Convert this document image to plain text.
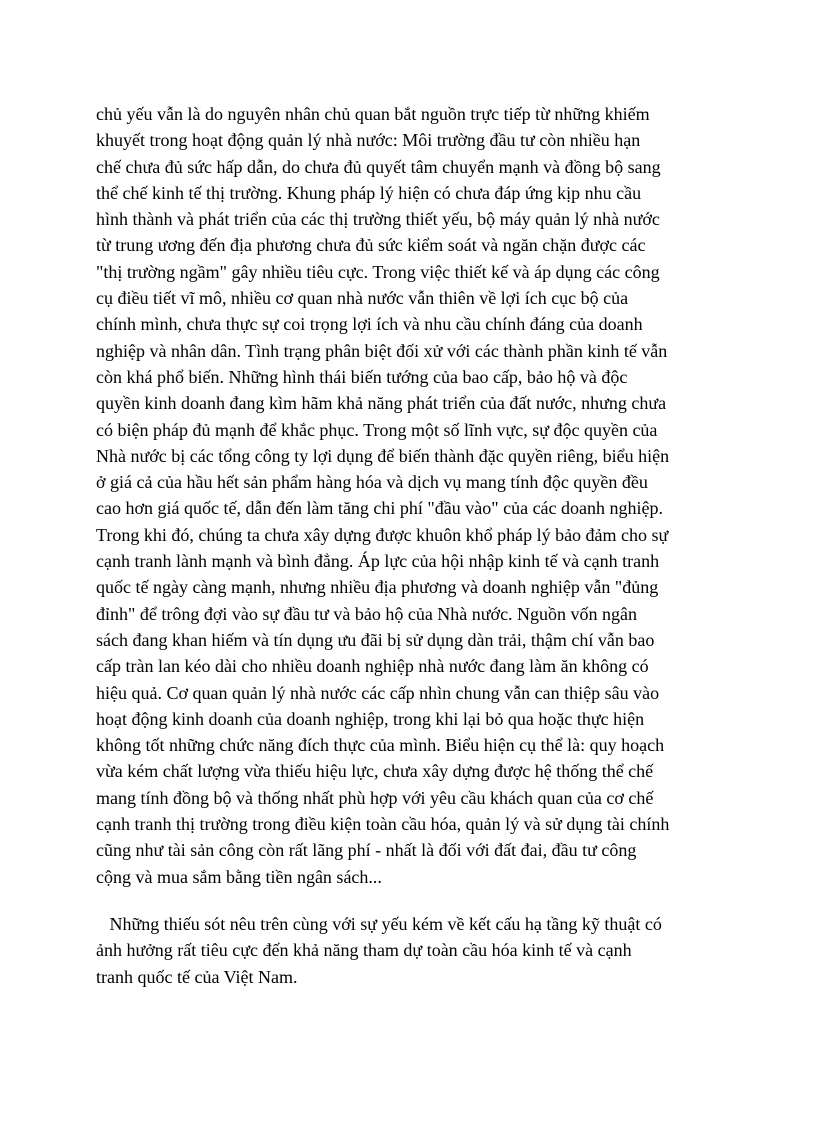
chủ yếu vẫn là do nguyên nhân chủ quan bắt nguồn trực tiếp từ những khiếm
khuyết trong hoạt động quản lý nhà nước: Môi trường đầu tư còn nhiều hạn
chế chưa đủ sức hấp dẫn, do chưa đủ quyết tâm chuyển mạnh và đồng bộ sang
thể chế kinh tế thị trường. Khung pháp lý hiện có chưa đáp ứng kịp nhu cầu
hình thành và phát triển của các thị trường thiết yếu, bộ máy quản lý nhà nước
từ trung ương đến địa phương chưa đủ sức kiểm soát và ngăn chặn được các
"thị trường ngầm" gây nhiều tiêu cực. Trong việc thiết kế và áp dụng các công
cụ điều tiết vĩ mô, nhiều cơ quan nhà nước vẫn thiên về lợi ích cục bộ của
chính mình, chưa thực sự coi trọng lợi ích và nhu cầu chính đáng của doanh
nghiệp và nhân dân. Tình trạng phân biệt đối xử với các thành phần kinh tế vẫn
còn khá phổ biến. Những hình thái biến tướng của bao cấp, bảo hộ và độc
quyền kinh doanh đang kìm hãm khả năng phát triển của đất nước, nhưng chưa
có biện pháp đủ mạnh để khắc phục. Trong một số lĩnh vực, sự độc quyền của
Nhà nước bị các tổng công ty lợi dụng để biến thành đặc quyền riêng, biểu hiện
ở giá cả của hầu hết sản phẩm hàng hóa và dịch vụ mang tính độc quyền đều
cao hơn giá quốc tế, dẫn đến làm tăng chi phí "đầu vào" của các doanh nghiệp.
Trong khi đó, chúng ta chưa xây dựng được khuôn khổ pháp lý bảo đảm cho sự
cạnh tranh lành mạnh và bình đẳng. Áp lực của hội nhập kinh tế và cạnh tranh
quốc tế ngày càng mạnh, nhưng nhiều địa phương và doanh nghiệp vẫn "đủng
đỉnh" để trông đợi vào sự đầu tư và bảo hộ của Nhà nước. Nguồn vốn ngân
sách đang khan hiếm và tín dụng ưu đãi bị sử dụng dàn trải, thậm chí vẫn bao
cấp tràn lan kéo dài cho nhiều doanh nghiệp nhà nước đang làm ăn không có
hiệu quả. Cơ quan quản lý nhà nước các cấp nhìn chung vẫn can thiệp sâu vào
hoạt động kinh doanh của doanh nghiệp, trong khi lại bỏ qua hoặc thực hiện
không tốt những chức năng đích thực của mình. Biểu hiện cụ thể là: quy hoạch
vừa kém chất lượng vừa thiếu hiệu lực, chưa xây dựng được hệ thống thể chế
mang tính đồng bộ và thống nhất phù hợp với yêu cầu khách quan của cơ chế
cạnh tranh thị trường trong điều kiện toàn cầu hóa, quản lý và sử dụng tài chính
cũng như tài sản công còn rất lãng phí - nhất là đối với đất đai, đầu tư công
cộng và mua sắm bằng tiền ngân sách...

Những thiếu sót nêu trên cùng với sự yếu kém về kết cấu hạ tầng kỹ thuật có
ảnh hưởng rất tiêu cực đến khả năng tham dự toàn cầu hóa kinh tế và cạnh
tranh quốc tế của Việt Nam.
